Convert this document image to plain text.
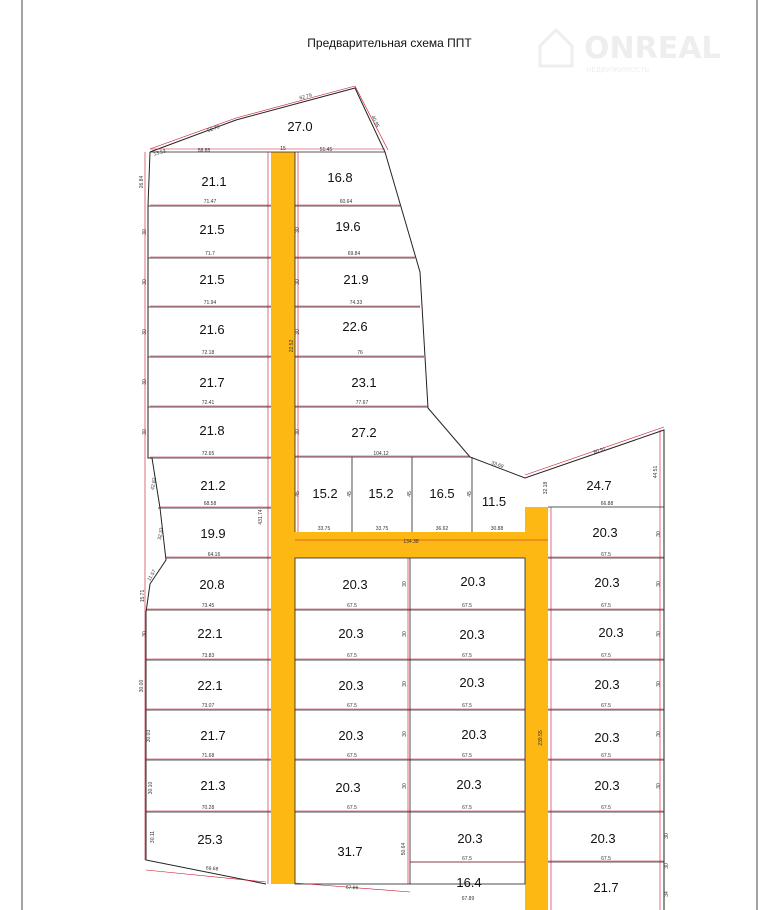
27.0
21.1
21.5
21.5
21.6
21.7
21.8
21.2
19.9
20.8
22.1
22.1
21.7
21.3
25.3
16.8
19.6
21.9
22.6
23.1
27.2
15.2 15.2	16.5
11.5
20.3
20.3
20.3
20.3
20.3
31.7
20.3
20.3
20.3
20.3
20.3
20.3
16.4
24.7
20.3
20.3
20.3
20.3
20.3
20.3
20.3
21.7
62.79
52.79
40.95
13.53	58.85	15	51.45
26.84
71.47	60.64
71.7	69.84
71.94	74.33
72.18	76
72.41	77.67
72.65	104.12
33.69
80.91
44.51
33.75	33.75	36.62	30.88
66.88
68.58
32.18
134.38
64.16
431.74
73.45
73.83
73.07
71.68
70.28
69.68
67.86
67.89
67.5	67.5
67.5	67.5
67.5	67.5
67.5	67.5
67.5	67.5
67.5
67.5
67.5
67.5
67.5
67.5
67.5
67.5
239.55
50.64
22.52
42.82
32.33
11.57
15.71
30.00
30.03
30.10
30.11
30
30
30
30
30
30
30
30
30
30
45	45	45	45
30
30
30
30
30
30
30
30
30
30
30
30
30
34
Предварительная схема ППТ	ONREAL
НЕДВИЖИМОСТЬ
